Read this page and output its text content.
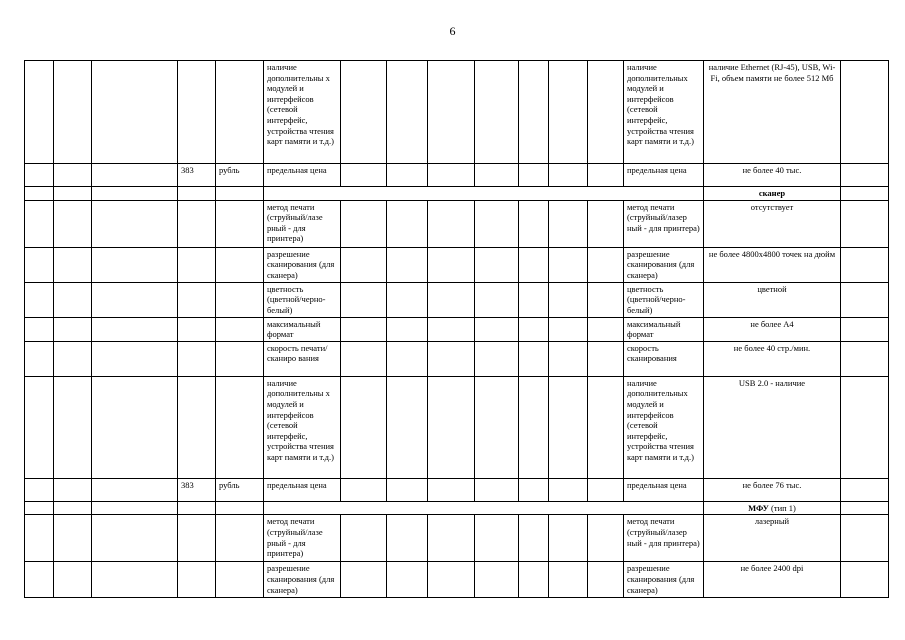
6
					наличие дополнительны х модулей и интерфейсов (сетевой интерфейс, устройства чтения карт памяти и т.д.)								наличие дополнительных модулей и интерфейсов (сетевой интерфейс, устройства чтения карт памяти и т.д.)	наличие Ethernet (RJ-45), USB, Wi-Fi, объем памяти не более 512 Мб	
			383	рубль	предельная цена								предельная цена	не более 40 тыс.	
														сканер	
					метод печати (струйный/лазе рный - для принтера)								метод печати (струйный/лазер ный - для принтера)	отсутствует	
					разрешение сканирования (для сканера)								разрешение сканирования (для сканера)	не более 4800х4800 точек на дюйм	
					цветность (цветной/черно-белый)								цветность (цветной/черно-белый)	цветной	
					максимальный формат								максимальный формат	не более А4	
					скорость печати/сканиро вания								скорость сканирования	не более 40 стр./мин.	
					наличие дополнительны х модулей и интерфейсов (сетевой интерфейс, устройства чтения карт памяти и т.д.)								наличие дополнительных модулей и интерфейсов (сетевой интерфейс, устройства чтения карт памяти и т.д.)	USB 2.0 - наличие	
			383	рубль	предельная цена								предельная цена	не более 76 тыс.	
														МФУ (тип 1)	
					метод печати (струйный/лазе рный - для принтера)								метод печати (струйный/лазер ный - для принтера)	лазерный	
					разрешение сканирования (для сканера)								разрешение сканирования (для сканера)	не более 2400 dpi	
